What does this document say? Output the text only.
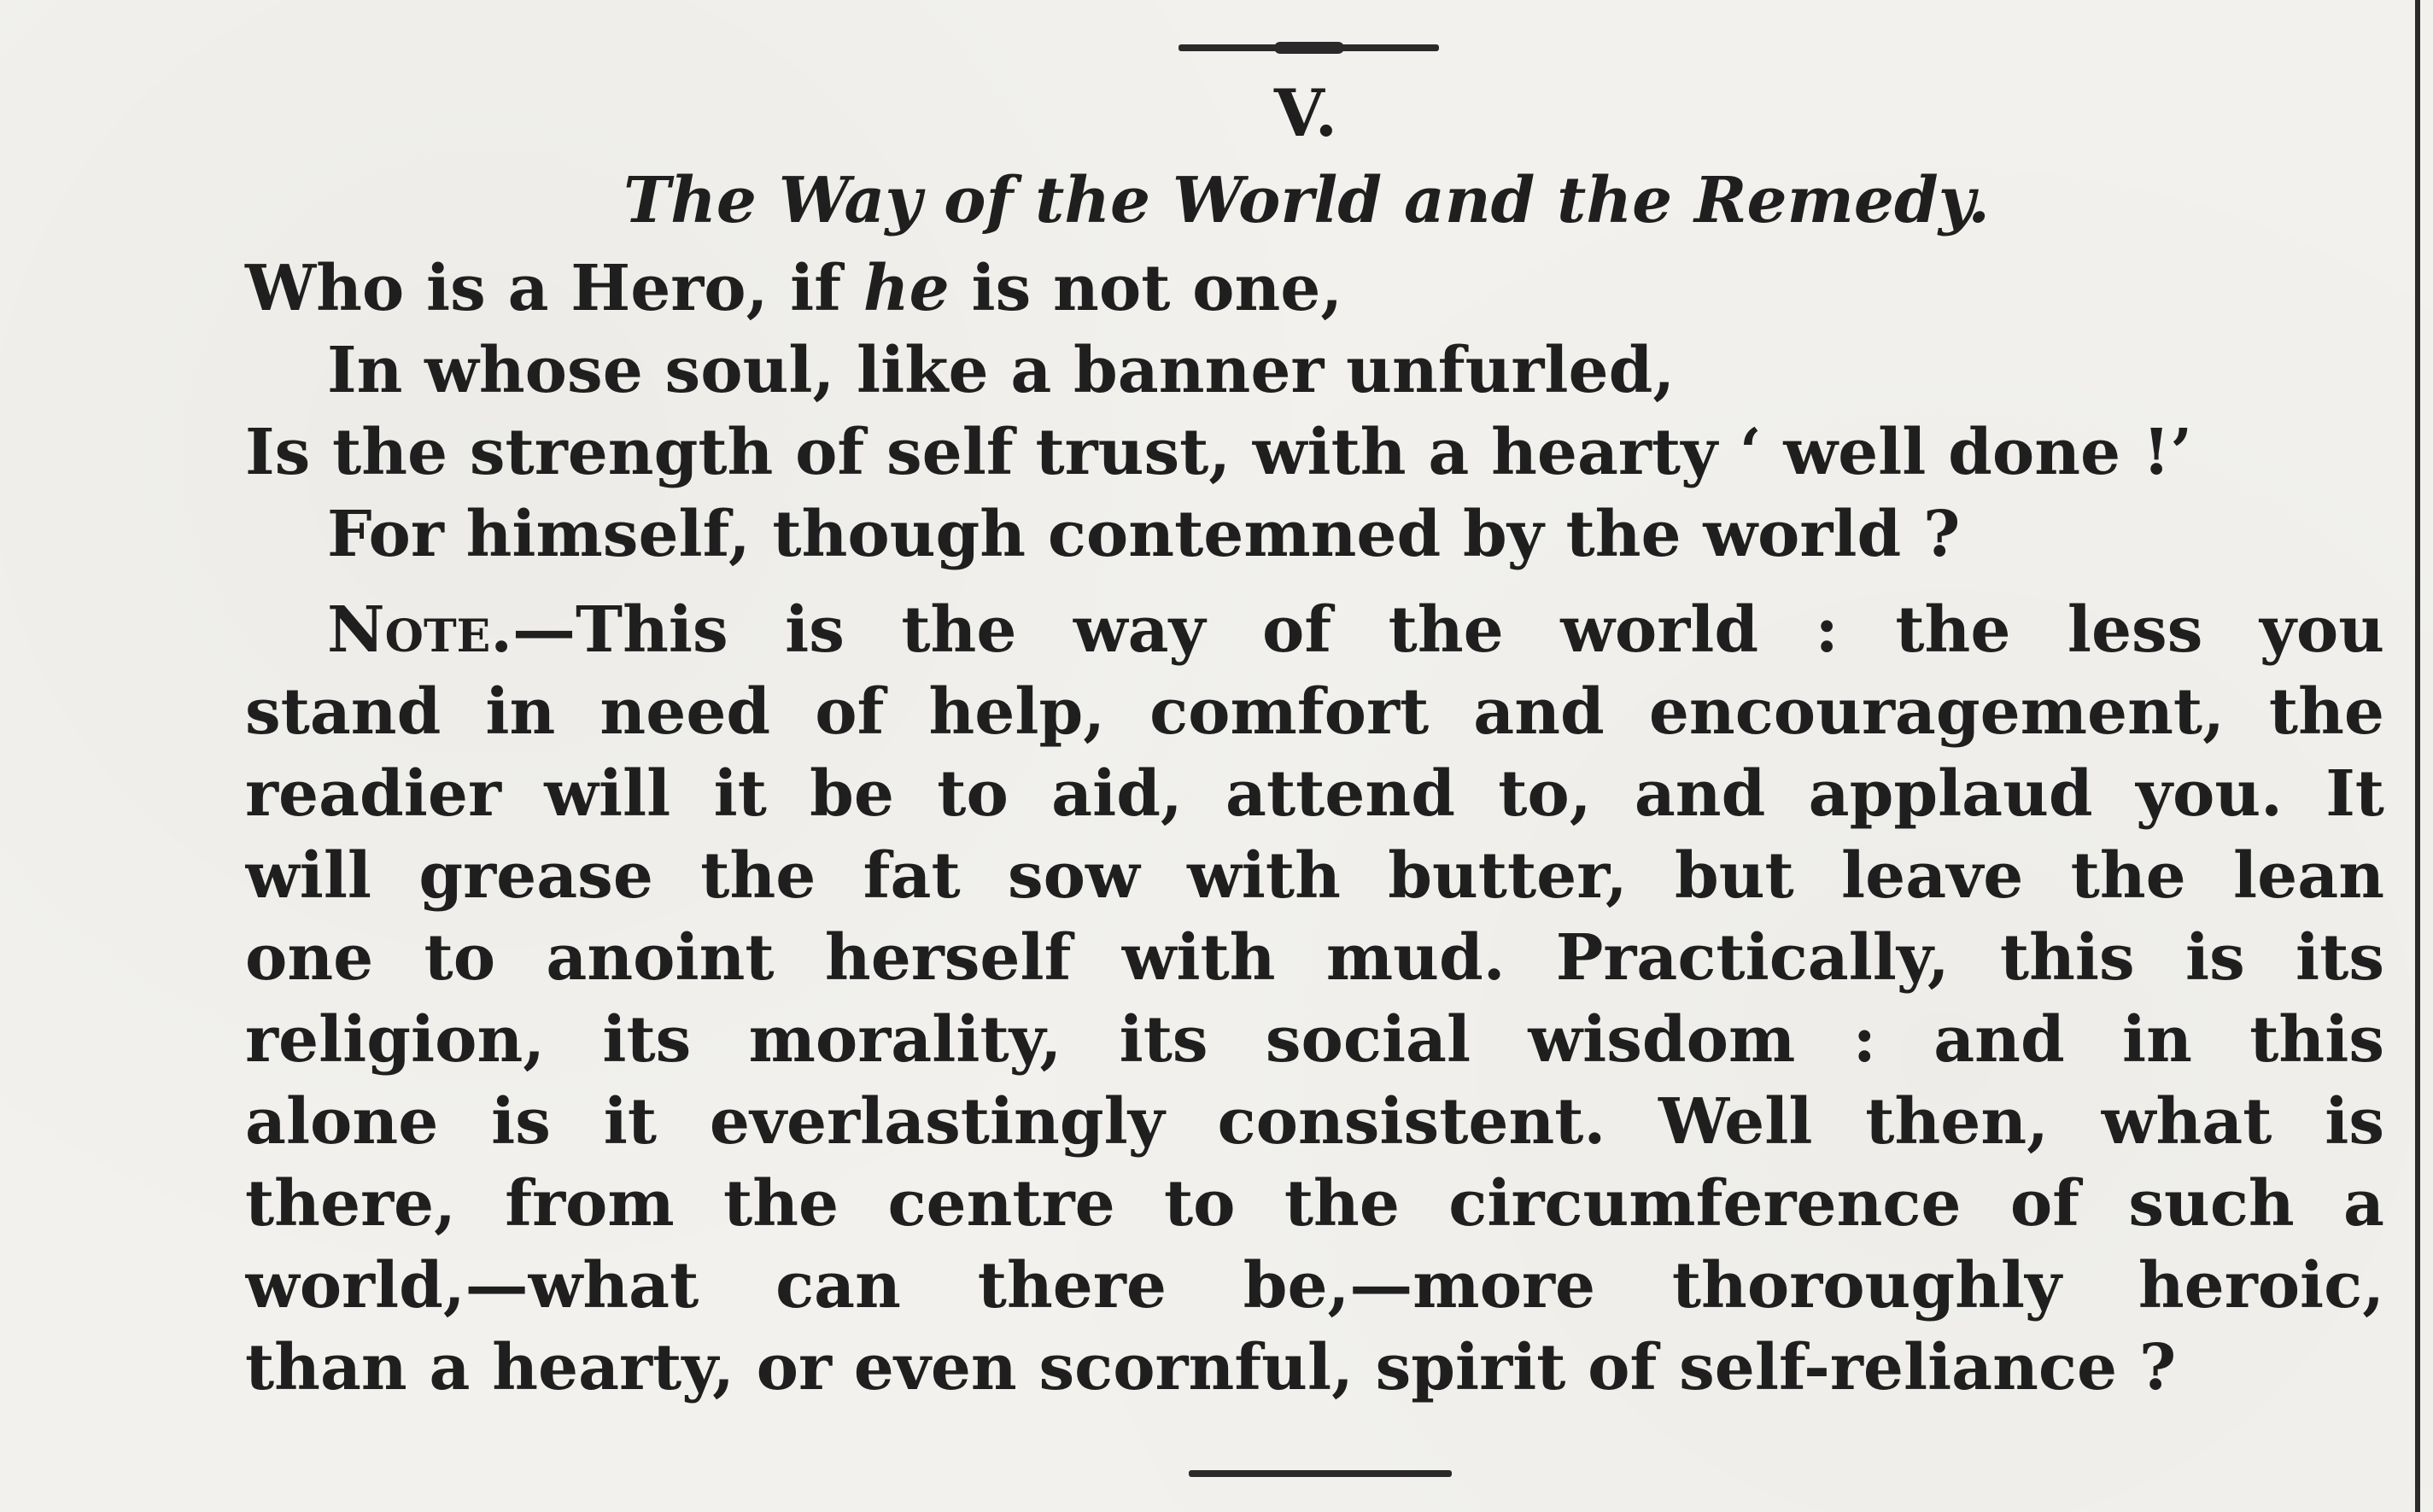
V.
The Way of the World and the Remedy.
Who is a Hero, if he is not one,
In whose soul, like a banner unfurled,
Is the strength of self trust, with a hearty ‘ well done !’
For himself, though contemned by the world ?
Note.—This is the way of the world : the less you
stand in need of help, comfort and encouragement, the
readier will it be to aid, attend to, and applaud you. It
will grease the fat sow with butter, but leave the lean
one to anoint herself with mud. Practically, this is its
religion, its morality, its social wisdom : and in this
alone is it everlastingly consistent. Well then, what is
there, from the centre to the circumference of such a
world,—what can there be,—more thoroughly heroic,
than a hearty, or even scornful, spirit of self-reliance ?
